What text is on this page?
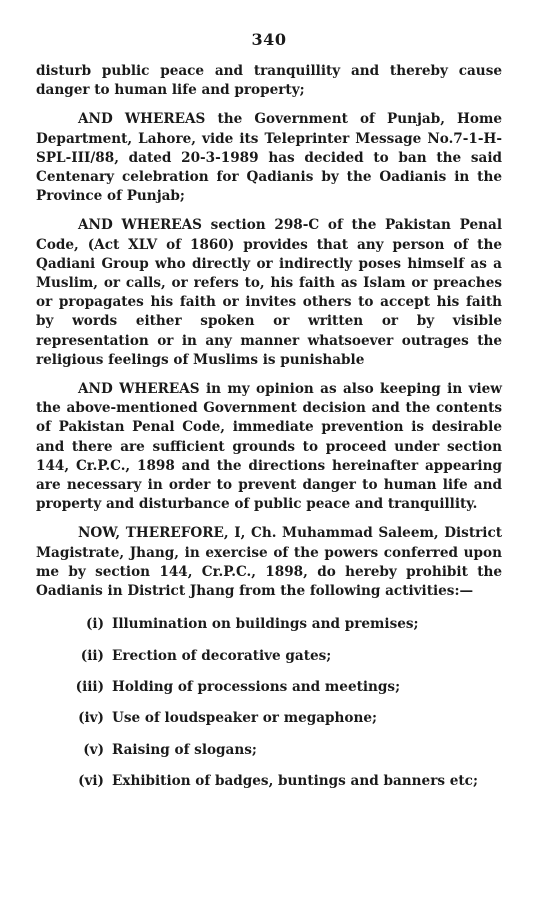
340

disturb public peace and tranquillity and thereby cause danger to human life and property;

AND WHEREAS the Government of Punjab, Home Department, Lahore, vide its Teleprinter Message No.7-1-H-SPL-III/88, dated 20-3-1989 has decided to ban the said Centenary celebration for Qadianis by the Oadianis in the Province of Punjab;

AND WHEREAS section 298-C of the Pakistan Penal Code, (Act XLV of 1860) provides that any person of the Qadiani Group who directly or indirectly poses himself as a Muslim, or calls, or refers to, his faith as Islam or preaches or propagates his faith or invites others to accept his faith by words either spoken or written or by visible representation or in any manner whatsoever outrages the religious feelings of Muslims is punishable

AND WHEREAS in my opinion as also keeping in view the above-mentioned Government decision and the contents of Pakistan Penal Code, immediate prevention is desirable and there are sufficient grounds to proceed under section 144, Cr.P.C., 1898 and the directions hereinafter appearing are necessary in order to prevent danger to human life and property and disturbance of public peace and tranquillity.

NOW, THEREFORE, I, Ch. Muhammad Saleem, District Magistrate, Jhang, in exercise of the powers conferred upon me by section 144, Cr.P.C., 1898, do hereby prohibit the Oadianis in District Jhang from the following activities:—

(i) Illumination on buildings and premises;
(ii) Erection of decorative gates;
(iii) Holding of processions and meetings;
(iv) Use of loudspeaker or megaphone;
(v) Raising of slogans;
(vi) Exhibition of badges, buntings and banners etc;
